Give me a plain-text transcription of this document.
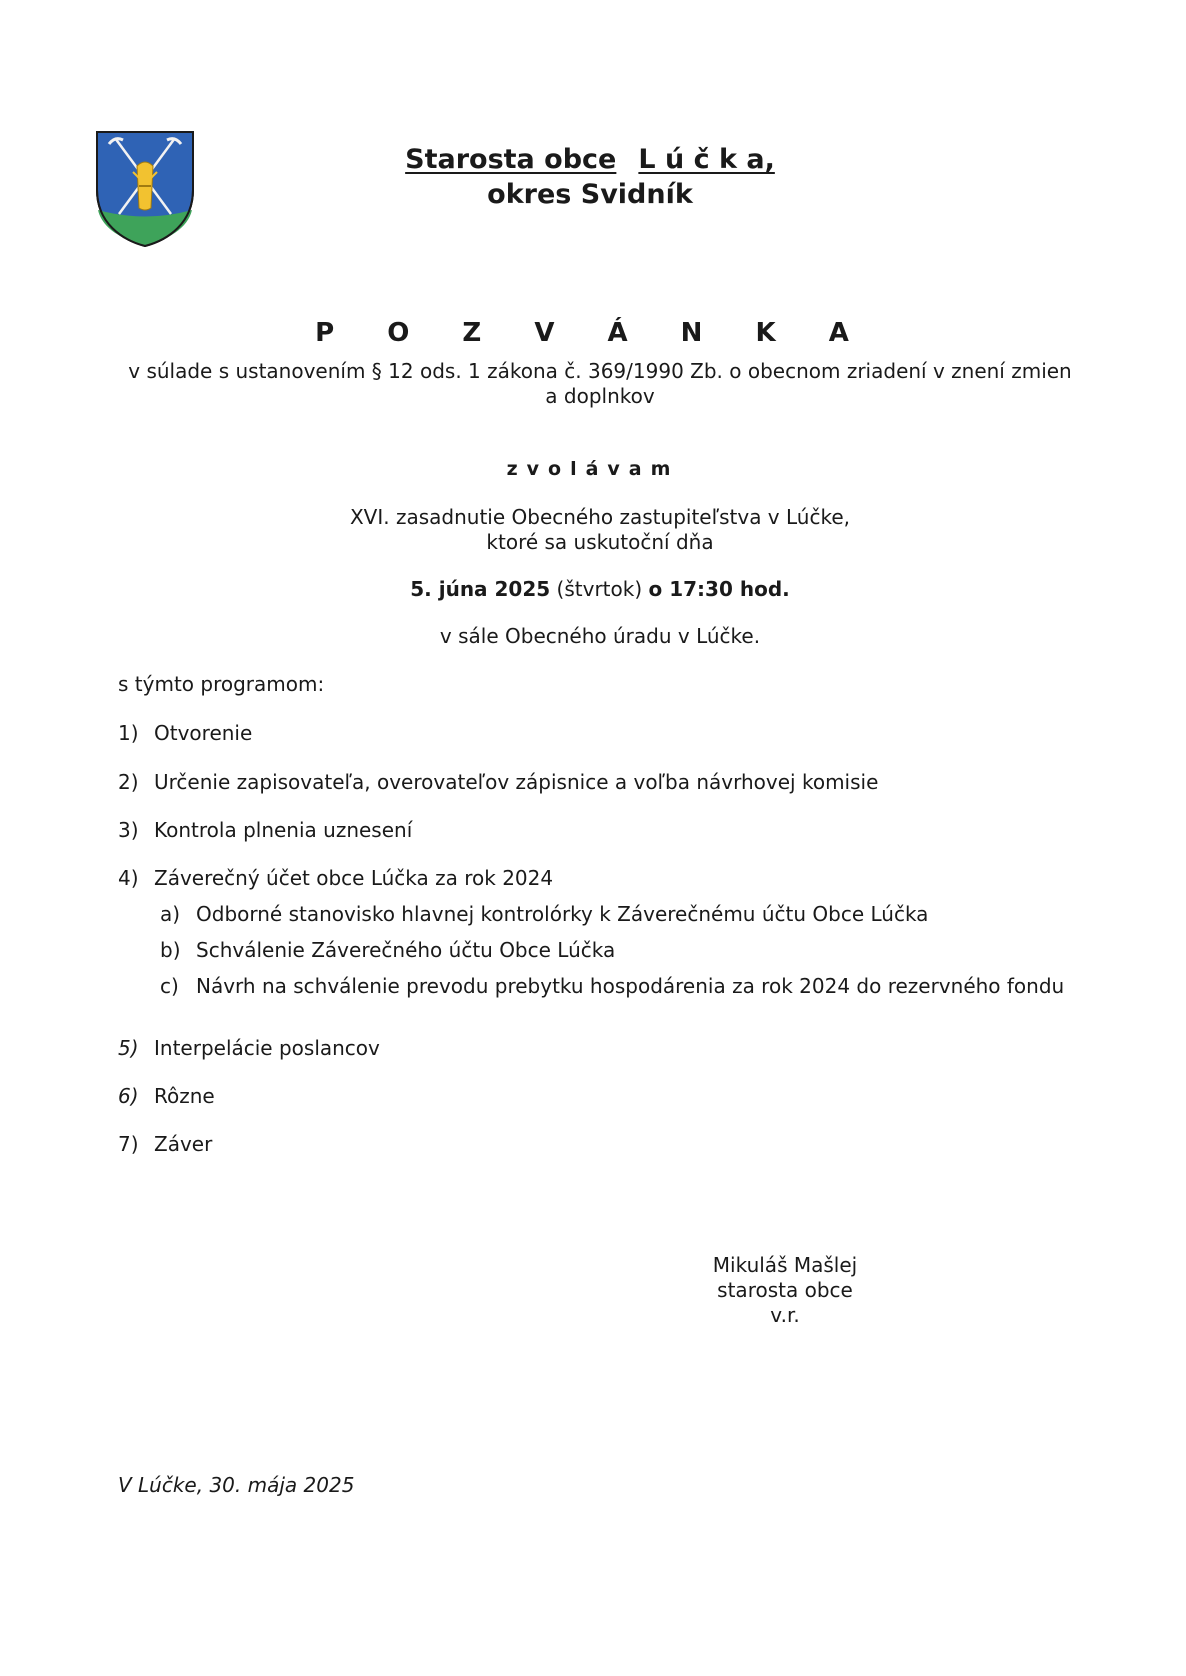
Starosta obce L ú č k a,
okres Svidník
P O Z V Á N K A
v súlade s ustanovením § 12 ods. 1 zákona č. 369/1990 Zb. o obecnom zriadení v znení zmien
a doplnkov
zvolávam
XVI. zasadnutie Obecného zastupiteľstva v Lúčke,
ktoré sa uskutoční dňa
5. júna 2025 (štvrtok) o 17:30 hod.
v sále Obecného úradu v Lúčke.
s týmto programom:
1) Otvorenie
2) Určenie zapisovateľa, overovateľov zápisnice a voľba návrhovej komisie
3) Kontrola plnenia uznesení
4) Záverečný účet obce Lúčka za rok 2024
a) Odborné stanovisko hlavnej kontrolórky k Záverečnému účtu Obce Lúčka
b) Schválenie Záverečného účtu Obce Lúčka
c) Návrh na schválenie prevodu prebytku hospodárenia za rok 2024 do rezervného fondu
5) Interpelácie poslancov
6) Rôzne
7) Záver
Mikuláš Mašlej
starosta obce
v.r.
V Lúčke, 30. mája 2025
